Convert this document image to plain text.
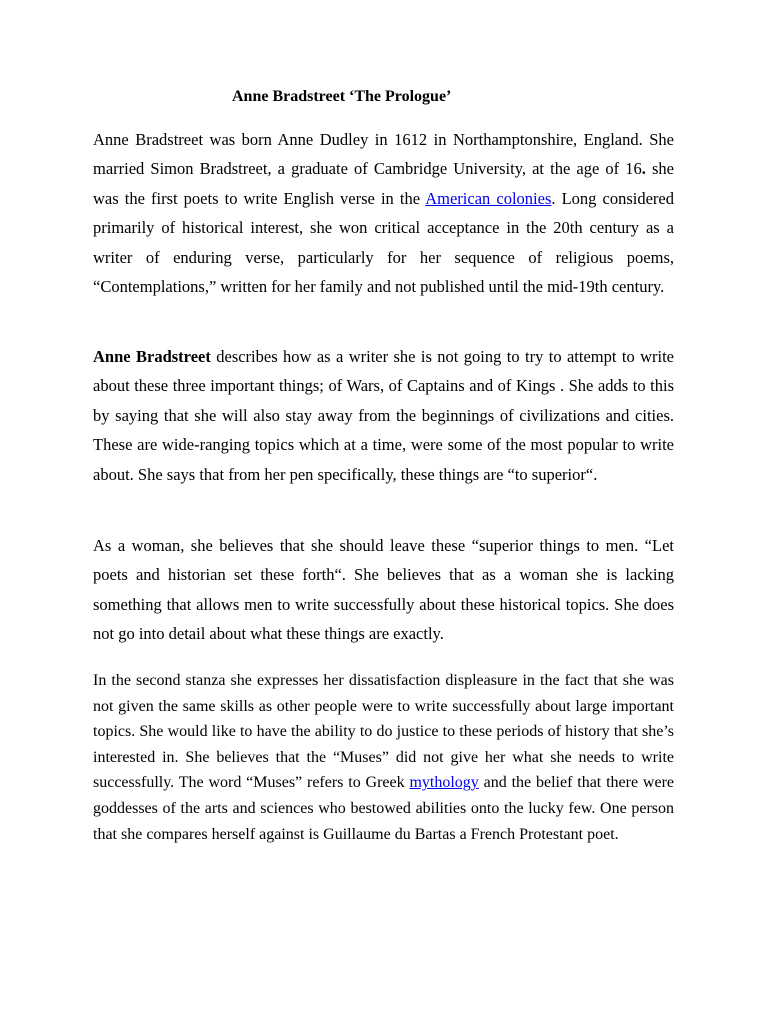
Anne Bradstreet ‘The Prologue’

Anne Bradstreet was born Anne Dudley in 1612 in Northamptonshire, England. She married Simon Bradstreet, a graduate of Cambridge University, at the age of 16. she was the first poets to write English verse in the American colonies. Long considered primarily of historical interest, she won critical acceptance in the 20th century as a writer of enduring verse, particularly for her sequence of religious poems, “Contemplations,” written for her family and not published until the mid-19th century.

Anne Bradstreet describes how as a writer she is not going to try to attempt to write about these three important things; of Wars, of Captains and of Kings . She adds to this by saying that she will also stay away from the beginnings of civilizations and cities. These are wide-ranging topics which at a time, were some of the most popular to write about. She says that from her pen specifically, these things are “to superior“.

As a woman, she believes that she should leave these “superior things to men. “Let poets and historian set these forth“. She believes that as a woman she is lacking something that allows men to write successfully about these historical topics. She does not go into detail about what these things are exactly.

In the second stanza she expresses her dissatisfaction displeasure in the fact that she was not given the same skills as other people were to write successfully about large important topics. She would like to have the ability to do justice to these periods of history that she’s interested in. She believes that the “Muses” did not give her what she needs to write successfully. The word “Muses” refers to Greek mythology and the belief that there were goddesses of the arts and sciences who bestowed abilities onto the lucky few. One person that she compares herself against is Guillaume du Bartas a French Protestant poet.
